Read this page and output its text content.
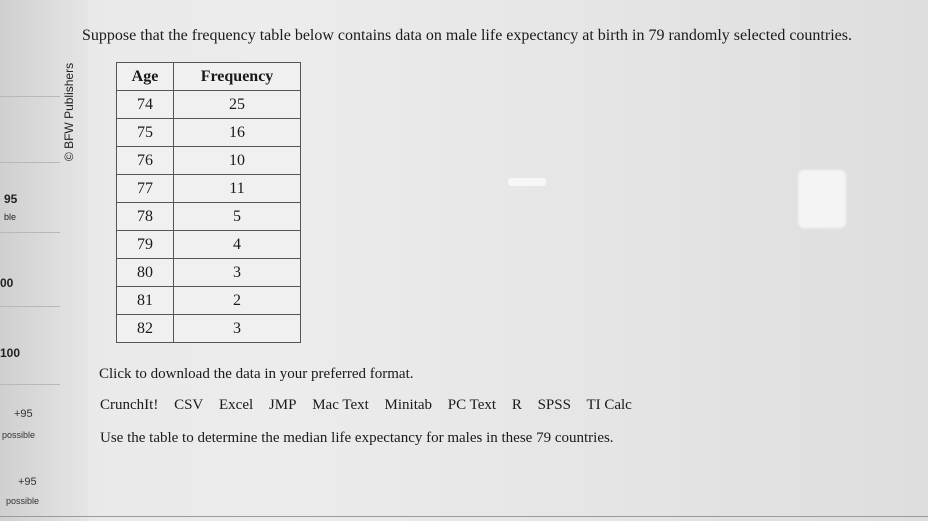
95
ble
00
100
+95
possible
+95
possible
© BFW Publishers
Suppose that the frequency table below contains data on male life expectancy at birth in 79 randomly selected countries.
Age	Frequency
74	25
75	16
76	10
77	11
78	5
79	4
80	3
81	2
82	3
Click to download the data in your preferred format.
CrunchIt! CSV Excel JMP Mac Text Minitab PC Text R SPSS TI Calc
Use the table to determine the median life expectancy for males in these 79 countries.
